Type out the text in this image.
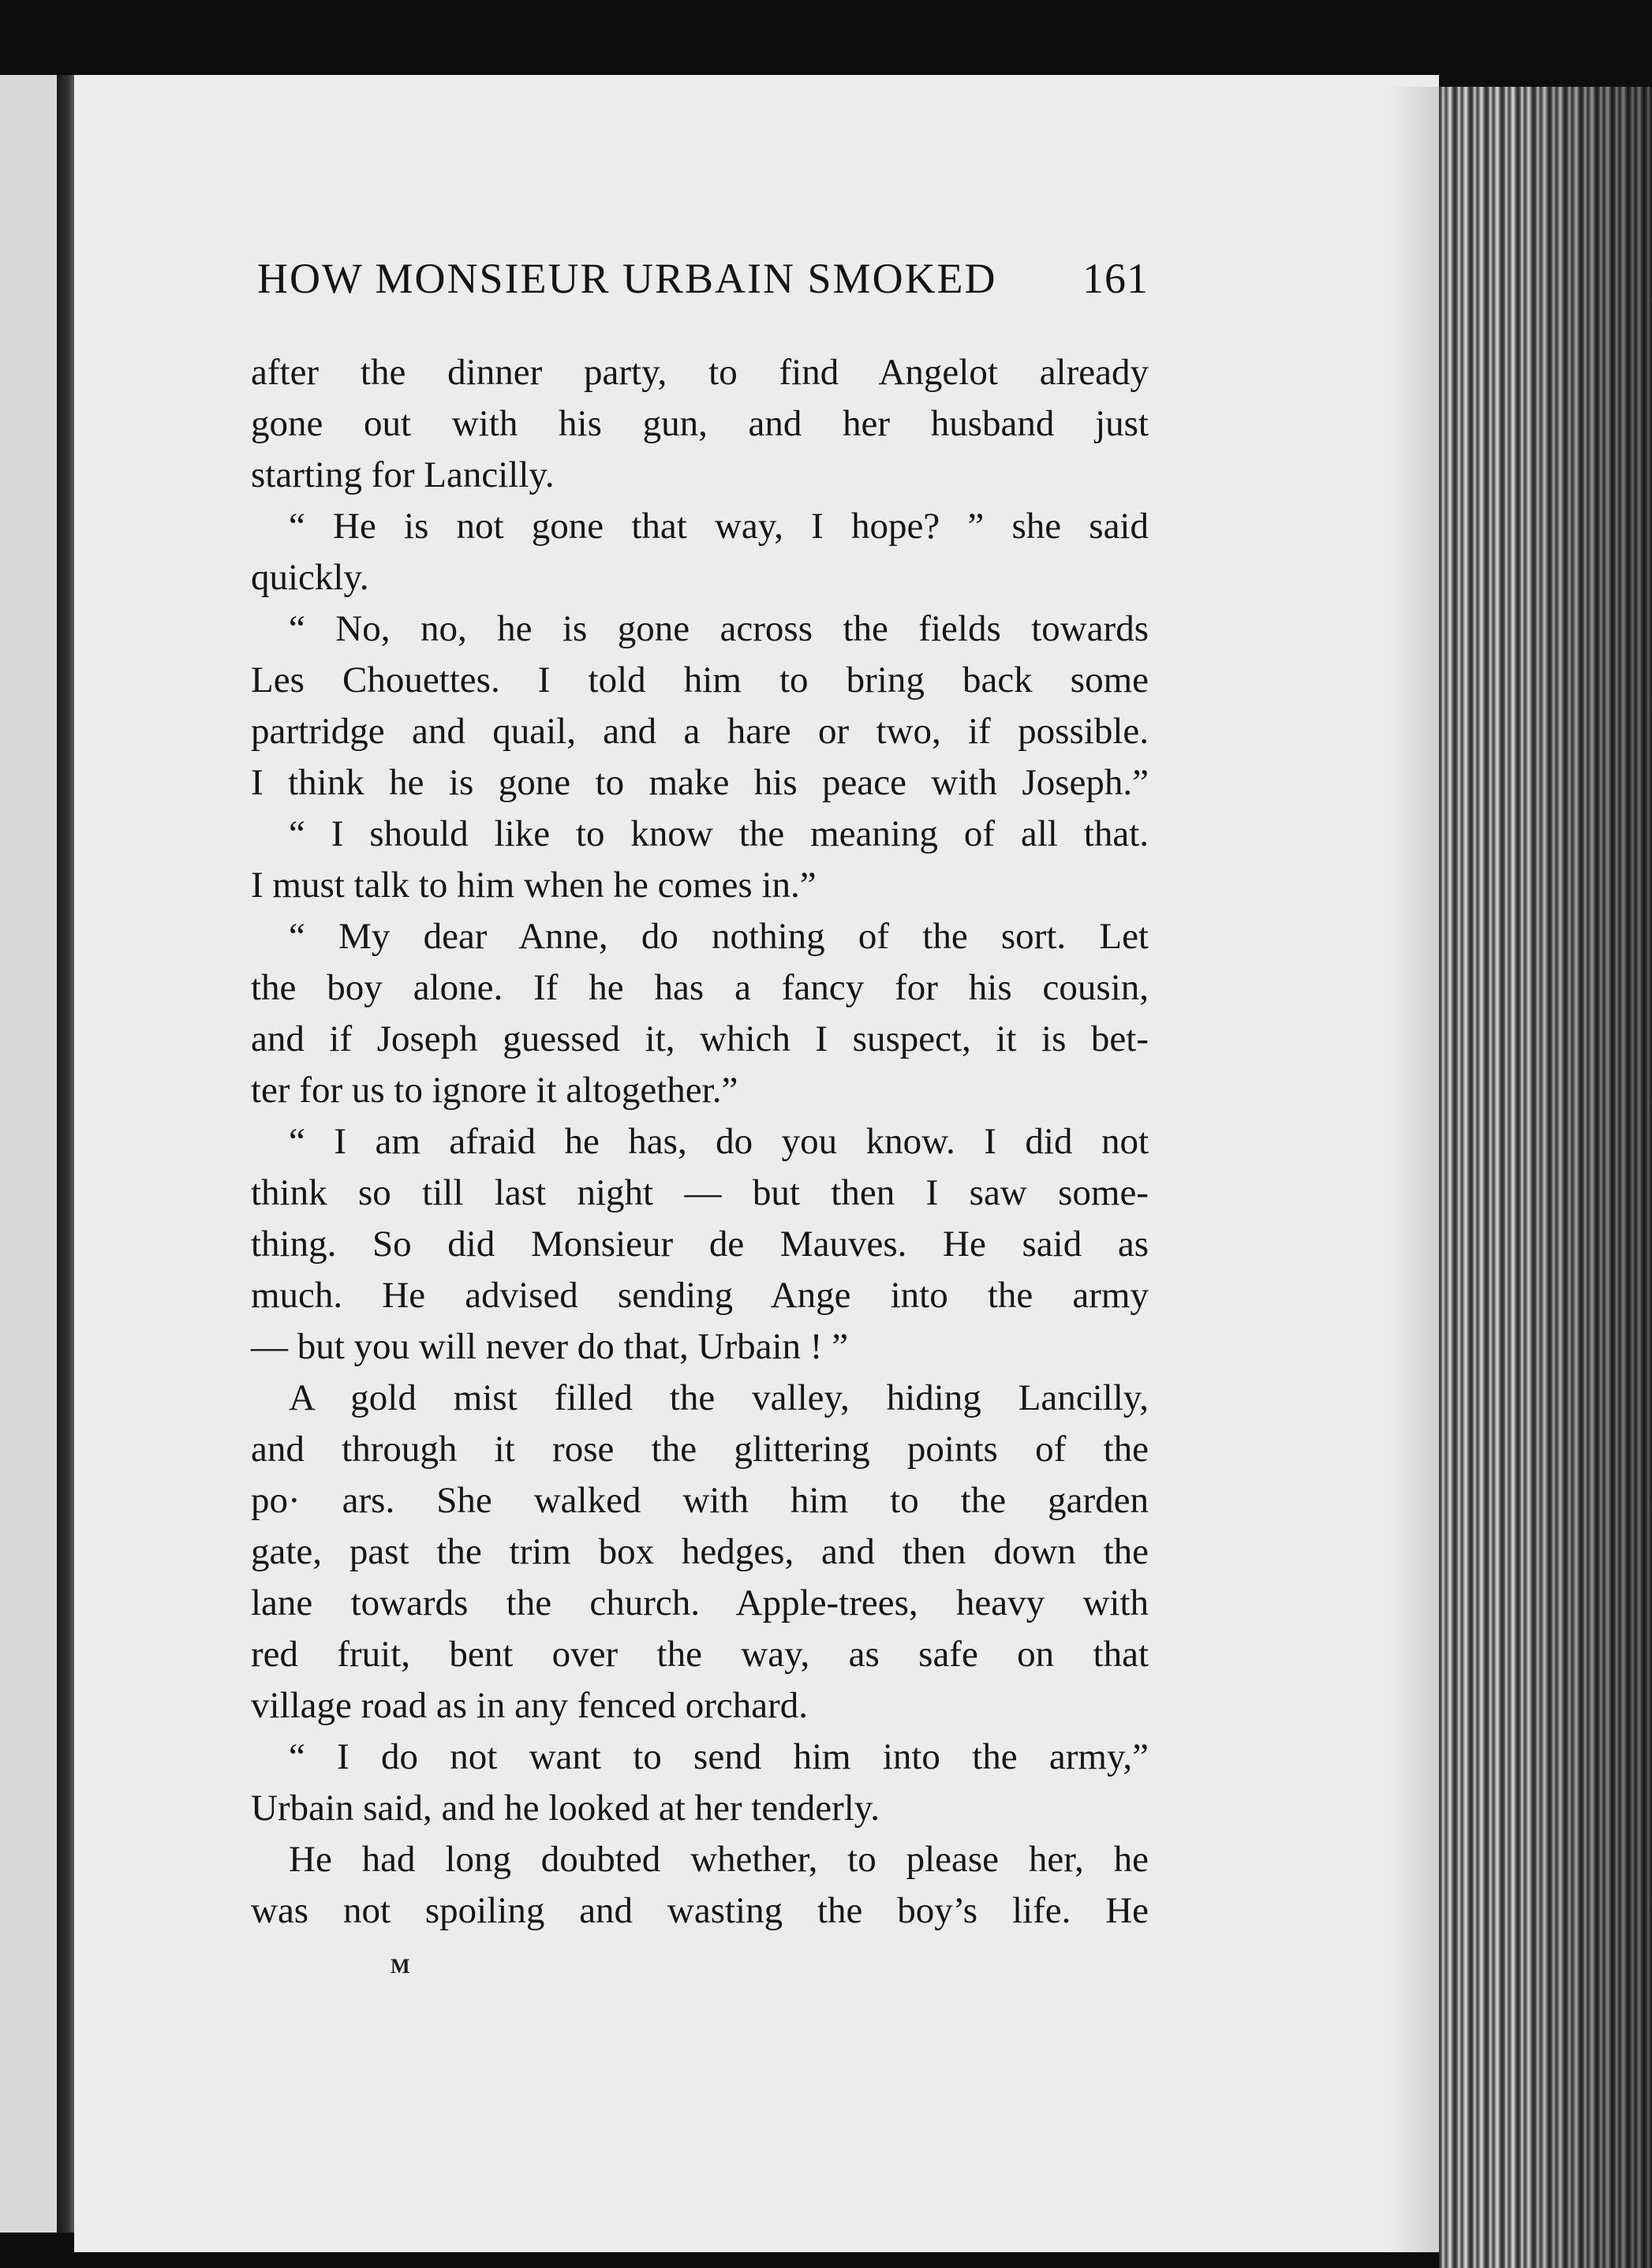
HOW MONSIEUR URBAIN SMOKED 161
after the dinner party, to find Angelot already
gone out with his gun, and her husband just
starting for Lancilly.
“ He is not gone that way, I hope? ” she said
quickly.
“ No, no, he is gone across the fields towards
Les Chouettes. I told him to bring back some
partridge and quail, and a hare or two, if possible.
I think he is gone to make his peace with Joseph.”
“ I should like to know the meaning of all that.
I must talk to him when he comes in.”
“ My dear Anne, do nothing of the sort. Let
the boy alone. If he has a fancy for his cousin,
and if Joseph guessed it, which I suspect, it is bet-
ter for us to ignore it altogether.”
“ I am afraid he has, do you know. I did not
think so till last night — but then I saw some-
thing. So did Monsieur de Mauves. He said as
much. He advised sending Ange into the army
— but you will never do that, Urbain ! ”
A gold mist filled the valley, hiding Lancilly,
and through it rose the glittering points of the
po· ars. She walked with him to the garden
gate, past the trim box hedges, and then down the
lane towards the church. Apple-trees, heavy with
red fruit, bent over the way, as safe on that
village road as in any fenced orchard.
“ I do not want to send him into the army,”
Urbain said, and he looked at her tenderly.
He had long doubted whether, to please her, he
was not spoiling and wasting the boy’s life. He
M
